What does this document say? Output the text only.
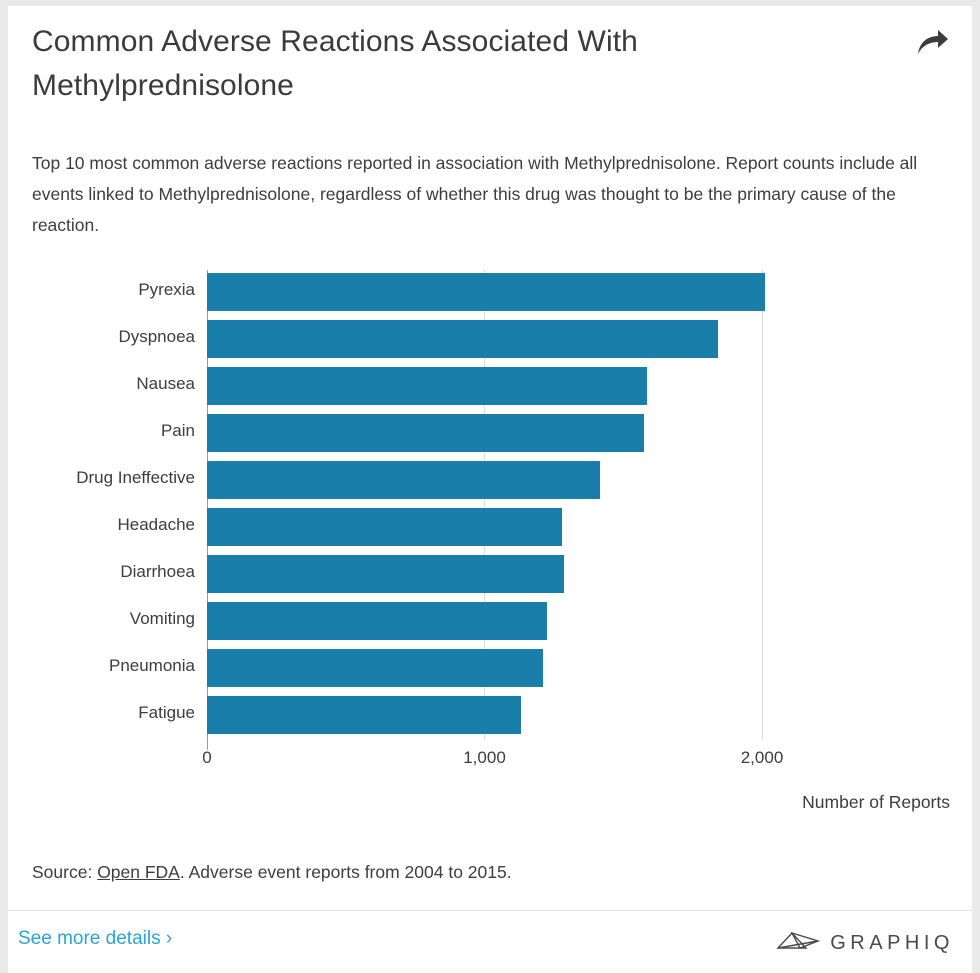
Common Adverse Reactions Associated With Methylprednisolone
Top 10 most common adverse reactions reported in association with Methylprednisolone. Report counts include all events linked to Methylprednisolone, regardless of whether this drug was thought to be the primary cause of the reaction.
Pyrexia
Dyspnoea
Nausea
Pain
Drug Ineffective
Headache
Diarrhoea
Vomiting
Pneumonia
Fatigue
0	1,000	2,000
Number of Reports
Source: Open FDA. Adverse event reports from 2004 to 2015.
See more details ›	GRAPHIQ
